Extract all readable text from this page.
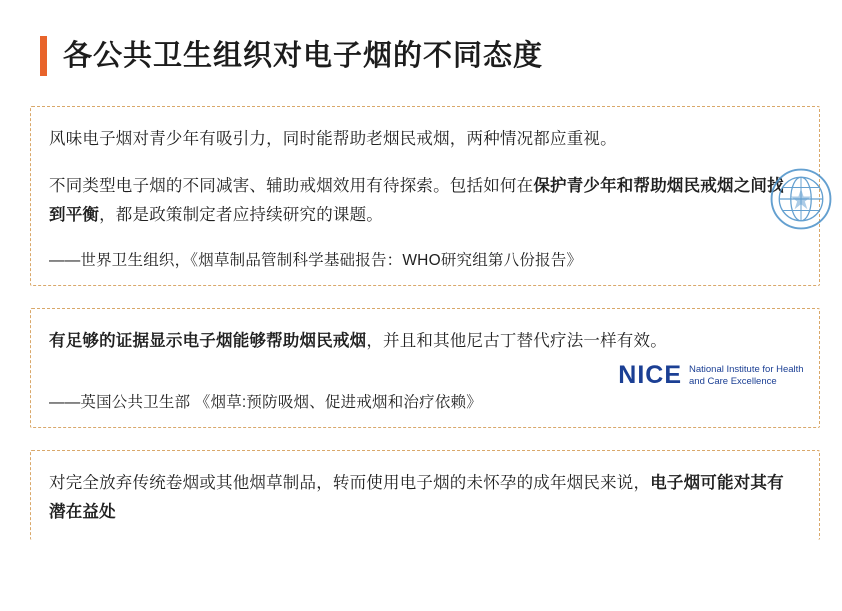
各公共卫生组织对电子烟的不同态度

风味电子烟对青少年有吸引力，同时能帮助老烟民戒烟，两种情况都应重视。

不同类型电子烟的不同减害、辅助戒烟效用有待探索。包括如何在保护青少年和帮助烟民戒烟之间找到平衡，都是政策制定者应持续研究的课题。

——世界卫生组织，《烟草制品管制科学基础报告：WHO研究组第八份报告》

有足够的证据显示电子烟能够帮助烟民戒烟，并且和其他尼古丁替代疗法一样有效。

——英国公共卫生部 《烟草:预防吸烟、促进戒烟和治疗依赖》

NICE National Institute for Health and Care Excellence

对完全放弃传统卷烟或其他烟草制品，转而使用电子烟的未怀孕的成年烟民来说，电子烟可能对其有潜在益处
